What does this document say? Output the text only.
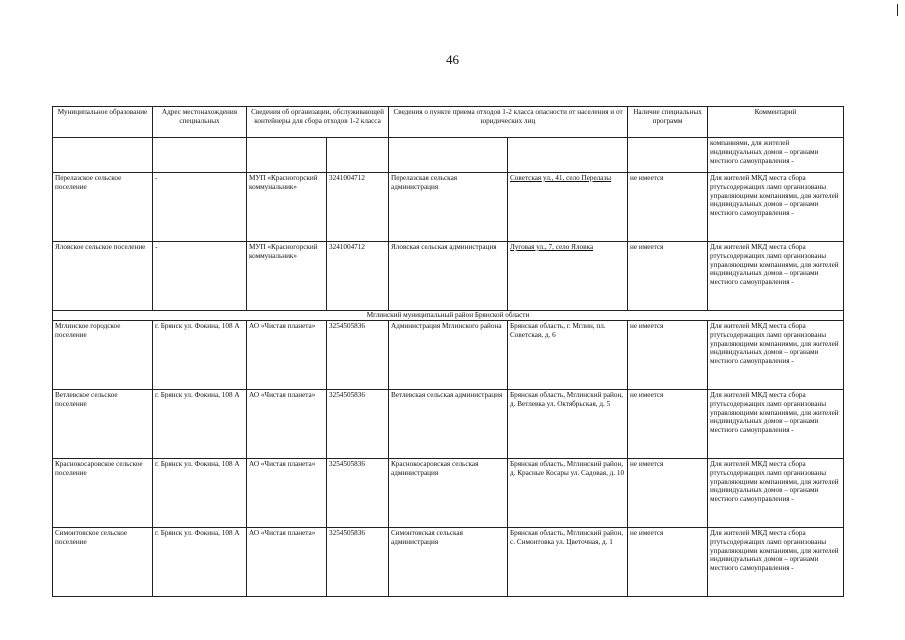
46
Муниципальное образование	Адрес местонахождения специальных	Сведения об организации, обслуживающей контейнеры для сбора отходов 1-2 класса		Сведения о пункте приема отходов 1-2 класса опасности от населения и от юридических лиц		Наличие специальных программ	Комментарий
							компаниями, для жителей индивидуальных домов – органами местного самоуправления -
Перелазское сельское поселение	-	МУП «Красногорский коммунальник»	3241004712	Перелазская сельская администрация	Советская ул., 41, село Перелазы	не имеется	Для жителей МКД места сбора ртутьсодержащих ламп организованы управляющими компаниями, для жителей индивидуальных домов – органами местного самоуправления -
Яловское сельское поселение	-	МУП «Красногорский коммунальник»	3241004712	Яловская сельская администрация	Луговая ул., 7, село Яловка	не имеется	Для жителей МКД места сбора ртутьсодержащих ламп организованы управляющими компаниями, для жителей индивидуальных домов – органами местного самоуправления -
Мглинский муниципальный район Брянской области							
Мглинское городское поселение	г. Брянск ул. Фокина, 108 А	АО «Чистая планета»	3254505836	Администрация Мглинского района	Брянская область, г. Мглин, пл. Советская, д. 6	не имеется	Для жителей МКД места сбора ртутьсодержащих ламп организованы управляющими компаниями, для жителей индивидуальных домов – органами местного самоуправления -
Ветлевское сельское поселение	г. Брянск ул. Фокина, 108 А	АО «Чистая планета»	3254505836	Ветлевская сельская администрация	Брянская область, Мглинский район, д. Ветлевка ул. Октябрьская, д. 5	не имеется	Для жителей МКД места сбора ртутьсодержащих ламп организованы управляющими компаниями, для жителей индивидуальных домов – органами местного самоуправления -
Краснокосаровское сельское поселение	г. Брянск ул. Фокина, 108 А	АО «Чистая планета»	3254505836	Краснокосаровская сельская администрация	Брянская область, Мглинский район, д. Красные Косары ул. Садовая, д. 10	не имеется	Для жителей МКД места сбора ртутьсодержащих ламп организованы управляющими компаниями, для жителей индивидуальных домов – органами местного самоуправления -
Симонтовское сельское поселение	г. Брянск ул. Фокина, 108 А	АО «Чистая планета»	3254505836	Симонтовская сельская администрация	Брянская область, Мглинский район, с. Симонтовка ул. Цветочная, д. 1	не имеется	Для жителей МКД места сбора ртутьсодержащих ламп организованы управляющими компаниями, для жителей индивидуальных домов – органами местного самоуправления -
